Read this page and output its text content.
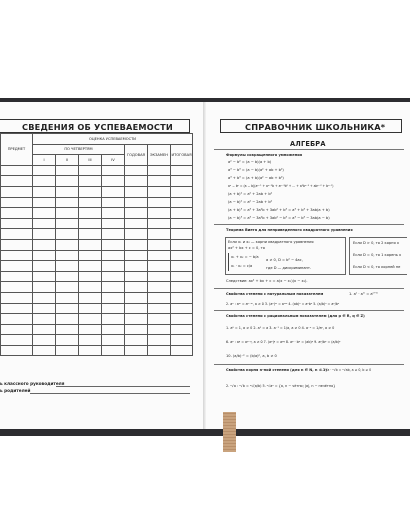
СВЕДЕНИЯ ОБ УСПЕВАЕМОСТИ
ПРЕДМЕТ	ОЦЕНКА УСПЕВАЕМОСТИ						
	ПО ЧЕТВЕРТЯМ				ГОДОВАЯ	ЭКЗАМЕН	ИТОГОВАЯ
	I	II	III	IV			

ь классного руководителя
ь родителей
СПРАВОЧНИК ШКОЛЬНИКА*
АЛГЕБРА
Формулы сокращенного умножения
a² − b² = (a − b)(a + b)
a³ − b³ = (a − b)(a² + ab + b²)
a³ + b³ = (a + b)(a² − ab + b²)
aⁿ − bⁿ = (a − b)(aⁿ⁻¹ + aⁿ⁻²b + aⁿ⁻³b² + ... + a²bⁿ⁻³ + abⁿ⁻² + bⁿ⁻¹)
(a + b)² = a² + 2ab + b²
(a − b)² = a² − 2ab + b²
(a + b)³ = a³ + 3a²b + 3ab² + b³ = a³ + b³ + 3ab(a + b)
(a − b)³ = a³ − 3a²b + 3ab² − b³ = a³ − b³ − 3ab(a − b)
Теорема Виета для неприведенного квадратного уравнения
Если x₁ и x₂ — корни квадратного уравнения
ax² + bx + c = 0, то
x₁ + x₂ = − b/a
x₁ · x₂ = c/a
a ≠ 0, D = b² − 4ac,
где D — дискриминант.
Если D > 0, то 2 корня x
Если D = 0, то 1 корень x
Если D < 0, то корней не
Следствие: ax² + bx + c = a(x − x₁)(x − x₂).
Свойства степени с натуральным показателем	1. aⁿ · aᵐ = aⁿ⁺ᵐ
2. aⁿ : aᵐ = aⁿ⁻ᵐ, a ≠ 0 3. (aⁿ)ᵐ = aⁿᵐ 4. (ab)ⁿ = aⁿbⁿ 5. (a/b)ⁿ = aⁿ/bⁿ
Свойства степени с рациональным показателем (для p ∈ R, q ∈ Z)
1. a⁰ = 1, a ≠ 0 2. a¹ = a 3. a⁻¹ = 1/a, a ≠ 0 4. a⁻ⁿ = 1/aⁿ, a ≠ 0
6. aᵖ : aᵍ = aᵖ⁻ᵍ, a ≠ 0 7. (aᵖ)ᵍ = aᵖᵍ 8. aᵖ · bᵖ = (ab)ᵖ 9. aᵖ/bᵖ = (a/b)ᵖ
10. (a/b)⁻ᵖ = (b/a)ᵖ, a, b ≠ 0
Свойства корня n-ной степени (для n ∈ N, n > 1)
1. ⁿ√a · ⁿ√b = ⁿ√ab, a ≥ 0, b ≥ 0
2. ⁿ√a : ⁿ√b = ⁿ√(a/b) 5. ⁿ√aⁿ = {a, n − чётно; |a|, n − нечётно}
